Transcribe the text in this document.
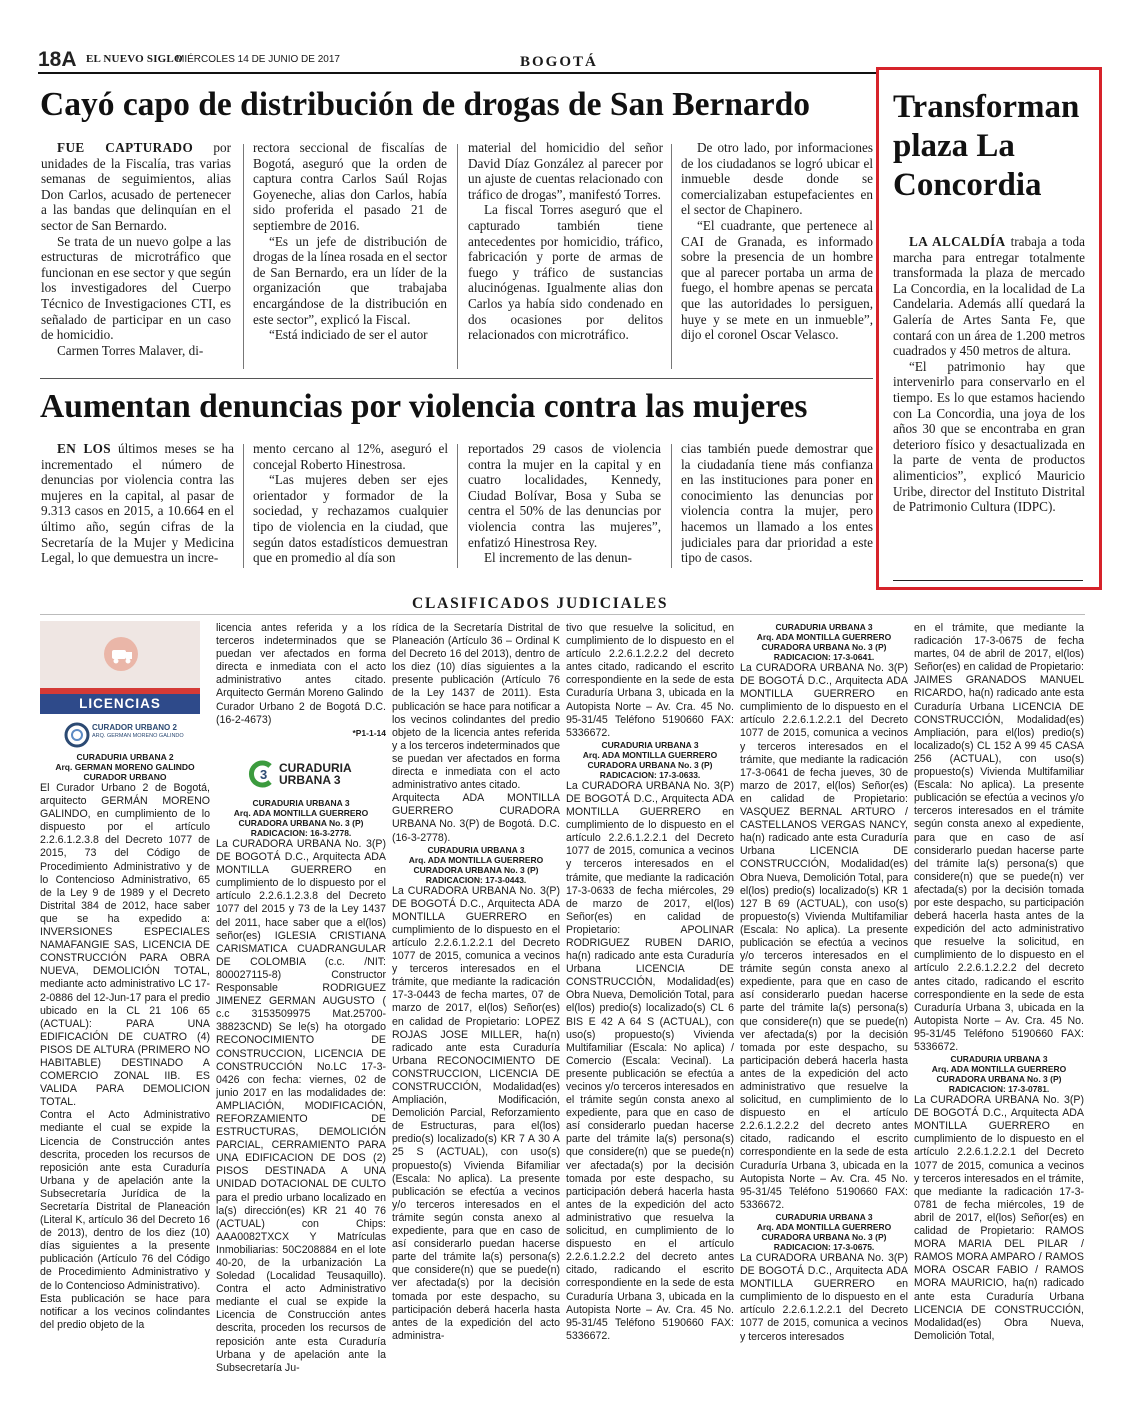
18A EL NUEVO SIGLO
MIÉRCOLES 14 DE JUNIO DE 2017	BOGOTÁ
Cayó capo de distribución de drogas de San Bernardo

FUE CAPTURADO por unidades de la Fiscalía, tras varias semanas de seguimientos, alias Don Carlos, acusado de pertenecer a las bandas que delinquían en el sector de San Bernardo.

Se trata de un nuevo golpe a las estructuras de microtráfico que funcionan en ese sector y que según los investigadores del Cuerpo Técnico de Investigaciones CTI, es señalado de participar en un caso de homicidio.

Carmen Torres Malaver, di-

rectora seccional de fiscalías de Bogotá, aseguró que la orden de captura contra Carlos Saúl Rojas Goyeneche, alias don Carlos, había sido proferida el pasado 21 de septiembre de 2016.

“Es un jefe de distribución de drogas de la línea rosada en el sector de San Bernardo, era un líder de la organización que trabajaba encargándose de la distribución en este sector”, explicó la Fiscal.

“Está indiciado de ser el autor

material del homicidio del señor David Díaz González al parecer por un ajuste de cuentas relacionado con tráfico de drogas”, manifestó Torres.

La fiscal Torres aseguró que el capturado también tiene antecedentes por homicidio, tráfico, fabricación y porte de armas de fuego y tráfico de sustancias alucinógenas. Igualmente alias don Carlos ya había sido condenado en dos ocasiones por delitos relacionados con microtráfico.

De otro lado, por informaciones de los ciudadanos se logró ubicar el inmueble desde donde se comercializaban estupefacientes en el sector de Chapinero.

“El cuadrante, que pertenece al CAI de Granada, es informado sobre la presencia de un hombre que al parecer portaba un arma de fuego, el hombre apenas se percata que las autoridades lo persiguen, huye y se mete en un inmueble”, dijo el coronel Oscar Velasco.

Aumentan denuncias por violencia contra las mujeres

EN LOS últimos meses se ha incrementado el número de denuncias por violencia contra las mujeres en la capital, al pasar de 9.313 casos en 2015, a 10.664 en el último año, según cifras de la Secretaría de la Mujer y Medicina Legal, lo que demuestra un incre-

mento cercano al 12%, aseguró el concejal Roberto Hinestrosa.

“Las mujeres deben ser ejes orientador y formador de la sociedad, y rechazamos cualquier tipo de violencia en la ciudad, que según datos estadísticos demuestran que en promedio al día son

reportados 29 casos de violencia contra la mujer en la capital y en cuatro localidades, Kennedy, Ciudad Bolívar, Bosa y Suba se centra el 50% de las denuncias por violencia contra las mujeres”, enfatizó Hinestrosa Rey.

El incremento de las denun-

cias también puede demostrar que la ciudadanía tiene más confianza en las instituciones para poner en conocimiento las denuncias por violencia contra la mujer, pero hacemos un llamado a los entes judiciales para dar prioridad a este tipo de casos.

Transforman plaza La Concordia

LA ALCALDÍA trabaja a toda marcha para entregar totalmente transformada la plaza de mercado La Concordia, en la localidad de La Candelaria. Además allí quedará la Galería de Artes Santa Fe, que contará con un área de 1.200 metros cuadrados y 450 metros de altura.

“El patrimonio hay que intervenirlo para conservarlo en el tiempo. Es lo que estamos haciendo con La Concordia, una joya de los años 30 que se encontraba en gran deterioro físico y desactualizada en la parte de venta de productos alimenticios”, explicó Mauricio Uribe, director del Instituto Distrital de Patrimonio Cultura (IDPC).

CLASIFICADOS JUDICIALES
LICENCIAS
CURADOR URBANO 2
ARQ. GERMAN MORENO GALINDO
3 CURADURIA URBANA 3

CURADURIA URBANA 2

Arq. GERMAN MORENO GALINDO

CURADOR URBANO

El Curador Urbano 2 de Bogotá, arquitecto GERMÁN MORENO GALINDO, en cumplimiento de lo dispuesto por el artículo 2.2.6.1.2.3.8 del Decreto 1077 de 2015, 73 del Código de Procedimiento Administrativo y de lo Contencioso Administrativo, 65 de la Ley 9 de 1989 y el Decreto Distrital 384 de 2012, hace saber que se ha expedido a: INVERSIONES ESPECIALES NAMAFANGIE SAS, LICENCIA DE CONSTRUCCIÓN PARA OBRA NUEVA, DEMOLICIÓN TOTAL, mediante acto administrativo LC 17-2-0886 del 12-Jun-17 para el predio ubicado en la CL 21 106 65 (ACTUAL): PARA UNA EDIFICACIÓN DE CUATRO (4) PISOS DE ALTURA (PRIMERO NO HABITABLE) DESTINADO A COMERCIO ZONAL IIB. ES VALIDA PARA DEMOLICION TOTAL.

Contra el Acto Administrativo mediante el cual se expide la Licencia de Construcción antes descrita, proceden los recursos de reposición ante esta Curaduría Urbana y de apelación ante la Subsecretaría Jurídica de la Secretaría Distrital de Planeación (Literal K, artículo 36 del Decreto 16 de 2013), dentro de los diez (10) días siguientes a la presente publicación (Artículo 76 del Código de Procedimiento Administrativo y de lo Contencioso Administrativo).

Esta publicación se hace para notificar a los vecinos colindantes del predio objeto de la

licencia antes referida y a los terceros indeterminados que se puedan ver afectados en forma directa e inmediata con el acto administrativo antes citado. Arquitecto Germán Moreno Galindo

Curador Urbano 2 de Bogotá D.C. (16-2-4673)

*P1-1-14

CURADURIA URBANA 3

Arq. ADA MONTILLA GUERRERO

CURADORA URBANA No. 3 (P)

RADICACION: 16-3-2778.

La CURADORA URBANA No. 3(P) DE BOGOTÁ D.C., Arquitecta ADA MONTILLA GUERRERO en cumplimiento de lo dispuesto por el artículo 2.2.6.1.2.3.8 del Decreto 1077 del 2015 y 73 de la Ley 1437 del 2011, hace saber que a el(los) señor(es) IGLESIA CRISTIANA CARISMATICA CUADRANGULAR DE COLOMBIA (c.c. /NIT: 800027115-8) Constructor Responsable RODRIGUEZ JIMENEZ GERMAN AUGUSTO ( c.c 3153509975 Mat.25700-38823CND) Se le(s) ha otorgado RECONOCIMIENTO DE CONSTRUCCION, LICENCIA DE CONSTRUCCIÓN No.LC 17-3-0426 con fecha: viernes, 02 de junio 2017 en las modalidades de: AMPLIACIÓN, MODIFICACIÓN, REFORZAMIENTO DE ESTRUCTURAS, DEMOLICIÓN PARCIAL, CERRAMIENTO PARA UNA EDIFICACION DE DOS (2) PISOS DESTINADA A UNA UNIDAD DOTACIONAL DE CULTO para el predio urbano localizado en la(s) dirección(es) KR 21 40 76 (ACTUAL) con Chips: AAA0082TXCX Y Matrículas Inmobiliarias: 50C208884 en el lote 40-20, de la urbanización La Soledad (Localidad Teusaquillo). Contra el acto Administrativo mediante el cual se expide la Licencia de Construcción antes descrita, proceden los recursos de reposición ante esta Curaduría Urbana y de apelación ante la Subsecretaría Ju-

rídica de la Secretaría Distrital de Planeación (Artículo 36 – Ordinal K del Decreto 16 del 2013), dentro de los diez (10) días siguientes a la presente publicación (Artículo 76 de la Ley 1437 de 2011). Esta publicación se hace para notificar a los vecinos colindantes del predio objeto de la licencia antes referida y a los terceros indeterminados que se puedan ver afectados en forma directa e inmediata con el acto administrativo antes citado.

Arquitecta ADA MONTILLA GUERRERO CURADORA URBANA No. 3(P) de Bogotá. D.C. (16-3-2778).

CURADURIA URBANA 3

Arq. ADA MONTILLA GUERRERO

CURADORA URBANA No. 3 (P)

RADICACION: 17-3-0443.

La CURADORA URBANA No. 3(P) DE BOGOTÁ D.C., Arquitecta ADA MONTILLA GUERRERO en cumplimiento de lo dispuesto en el artículo 2.2.6.1.2.2.1 del Decreto 1077 de 2015, comunica a vecinos y terceros interesados en el trámite, que mediante la radicación 17-3-0443 de fecha martes, 07 de marzo de 2017, el(los) Señor(es) en calidad de Propietario: LOPEZ ROJAS JOSE MILLER, ha(n) radicado ante esta Curaduría Urbana RECONOCIMIENTO DE CONSTRUCCION, LICENCIA DE CONSTRUCCIÓN, Modalidad(es) Ampliación, Modificación, Demolición Parcial, Reforzamiento de Estructuras, para el(los) predio(s) localizado(s) KR 7 A 30 A 25 S (ACTUAL), con uso(s) propuesto(s) Vivienda Bifamiliar (Escala: No aplica). La presente publicación se efectúa a vecinos y/o terceros interesados en el trámite según consta anexo al expediente, para que en caso de así considerarlo puedan hacerse parte del trámite la(s) persona(s) que considere(n) que se puede(n) ver afectada(s) por la decisión tomada por este despacho, su participación deberá hacerla hasta antes de la expedición del acto administra-

tivo que resuelve la solicitud, en cumplimiento de lo dispuesto en el artículo 2.2.6.1.2.2.2 del decreto antes citado, radicando el escrito correspondiente en la sede de esta Curaduría Urbana 3, ubicada en la Autopista Norte – Av. Cra. 45 No. 95-31/45 Teléfono 5190660 FAX: 5336672.

CURADURIA URBANA 3

Arq. ADA MONTILLA GUERRERO

CURADORA URBANA No. 3 (P)

RADICACION: 17-3-0633.

La CURADORA URBANA No. 3(P) DE BOGOTÁ D.C., Arquitecta ADA MONTILLA GUERRERO en cumplimiento de lo dispuesto en el artículo 2.2.6.1.2.2.1 del Decreto 1077 de 2015, comunica a vecinos y terceros interesados en el trámite, que mediante la radicación 17-3-0633 de fecha miércoles, 29 de marzo de 2017, el(los) Señor(es) en calidad de Propietario: APOLINAR RODRIGUEZ RUBEN DARIO, ha(n) radicado ante esta Curaduría Urbana LICENCIA DE CONSTRUCCIÓN, Modalidad(es) Obra Nueva, Demolición Total, para el(los) predio(s) localizado(s) CL 6 BIS E 42 A 64 S (ACTUAL), con uso(s) propuesto(s) Vivienda Multifamiliar (Escala: No aplica) / Comercio (Escala: Vecinal). La presente publicación se efectúa a vecinos y/o terceros interesados en el trámite según consta anexo al expediente, para que en caso de así considerarlo puedan hacerse parte del trámite la(s) persona(s) que considere(n) que se puede(n) ver afectada(s) por la decisión tomada por este despacho, su participación deberá hacerla hasta antes de la expedición del acto administrativo que resuelva la solicitud, en cumplimiento de lo dispuesto en el artículo 2.2.6.1.2.2.2 del decreto antes citado, radicando el escrito correspondiente en la sede de esta Curaduría Urbana 3, ubicada en la Autopista Norte – Av. Cra. 45 No. 95-31/45 Teléfono 5190660 FAX: 5336672.

CURADURIA URBANA 3

Arq. ADA MONTILLA GUERRERO

CURADORA URBANA No. 3 (P)

RADICACION: 17-3-0641.

La CURADORA URBANA No. 3(P) DE BOGOTÁ D.C., Arquitecta ADA MONTILLA GUERRERO en cumplimiento de lo dispuesto en el artículo 2.2.6.1.2.2.1 del Decreto 1077 de 2015, comunica a vecinos y terceros interesados en el trámite, que mediante la radicación 17-3-0641 de fecha jueves, 30 de marzo de 2017, el(los) Señor(es) en calidad de Propietario: VASQUEZ BERNAL ARTURO / CASTELLANOS VERGAS NANCY, ha(n) radicado ante esta Curaduría Urbana LICENCIA DE CONSTRUCCIÓN, Modalidad(es) Obra Nueva, Demolición Total, para el(los) predio(s) localizado(s) KR 1 127 B 69 (ACTUAL), con uso(s) propuesto(s) Vivienda Multifamiliar (Escala: No aplica). La presente publicación se efectúa a vecinos y/o terceros interesados en el trámite según consta anexo al expediente, para que en caso de así considerarlo puedan hacerse parte del trámite la(s) persona(s) que considere(n) que se puede(n) ver afectada(s) por la decisión tomada por este despacho, su participación deberá hacerla hasta antes de la expedición del acto administrativo que resuelve la solicitud, en cumplimiento de lo dispuesto en el artículo 2.2.6.1.2.2.2 del decreto antes citado, radicando el escrito correspondiente en la sede de esta Curaduría Urbana 3, ubicada en la Autopista Norte – Av. Cra. 45 No. 95-31/45 Teléfono 5190660 FAX: 5336672.

CURADURIA URBANA 3

Arq. ADA MONTILLA GUERRERO

CURADORA URBANA No. 3 (P)

RADICACION: 17-3-0675.

La CURADORA URBANA No. 3(P) DE BOGOTÁ D.C., Arquitecta ADA MONTILLA GUERRERO en cumplimiento de lo dispuesto en el artículo 2.2.6.1.2.2.1 del Decreto 1077 de 2015, comunica a vecinos y terceros interesados

en el trámite, que mediante la radicación 17-3-0675 de fecha martes, 04 de abril de 2017, el(los) Señor(es) en calidad de Propietario: JAIMES GRANADOS MANUEL RICARDO, ha(n) radicado ante esta Curaduría Urbana LICENCIA DE CONSTRUCCIÓN, Modalidad(es) Ampliación, para el(los) predio(s) localizado(s) CL 152 A 99 45 CASA 256 (ACTUAL), con uso(s) propuesto(s) Vivienda Multifamiliar (Escala: No aplica). La presente publicación se efectúa a vecinos y/o terceros interesados en el trámite según consta anexo al expediente, para que en caso de así considerarlo puedan hacerse parte del trámite la(s) persona(s) que considere(n) que se puede(n) ver afectada(s) por la decisión tomada por este despacho, su participación deberá hacerla hasta antes de la expedición del acto administrativo que resuelve la solicitud, en cumplimiento de lo dispuesto en el artículo 2.2.6.1.2.2.2 del decreto antes citado, radicando el escrito correspondiente en la sede de esta Curaduría Urbana 3, ubicada en la Autopista Norte – Av. Cra. 45 No. 95-31/45 Teléfono 5190660 FAX: 5336672.

CURADURIA URBANA 3

Arq. ADA MONTILLA GUERRERO

CURADORA URBANA No. 3 (P)

RADICACION: 17-3-0781.

La CURADORA URBANA No. 3(P) DE BOGOTÁ D.C., Arquitecta ADA MONTILLA GUERRERO en cumplimiento de lo dispuesto en el artículo 2.2.6.1.2.2.1 del Decreto 1077 de 2015, comunica a vecinos y terceros interesados en el trámite, que mediante la radicación 17-3-0781 de fecha miércoles, 19 de abril de 2017, el(los) Señor(es) en calidad de Propietario: RAMOS MORA MARIA DEL PILAR / RAMOS MORA AMPARO / RAMOS MORA OSCAR FABIO / RAMOS MORA MAURICIO, ha(n) radicado ante esta Curaduría Urbana LICENCIA DE CONSTRUCCIÓN, Modalidad(es) Obra Nueva, Demolición Total,
